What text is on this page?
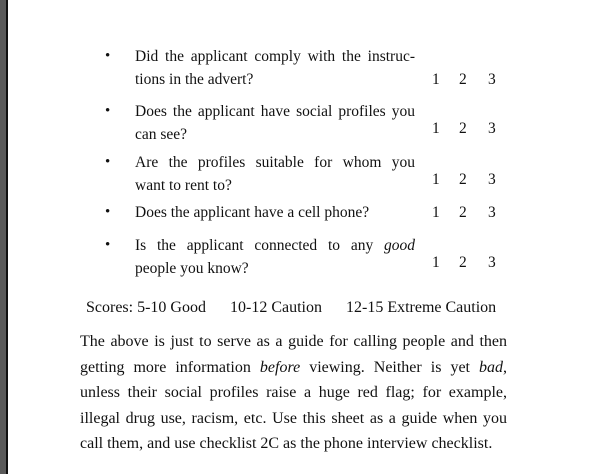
• Did the applicant comply with the instruc-
tions in the advert?	1 2 3
• Does the applicant have social profiles you
can see?	1 2 3
• Are the profiles suitable for whom you
want to rent to?	1 2 3
• Does the applicant have a cell phone?	1 2 3
• Is the applicant connected to any good
people you know?	1 2 3
Scores: 5-10 Good 10-12 Caution 12-15 Extreme Caution
The above is just to serve as a guide for calling people and then getting more information before viewing. Neither is yet bad, unless their social profiles raise a huge red flag; for example, illegal drug use, racism, etc. Use this sheet as a guide when you call them, and use checklist 2C as the phone interview checklist.
